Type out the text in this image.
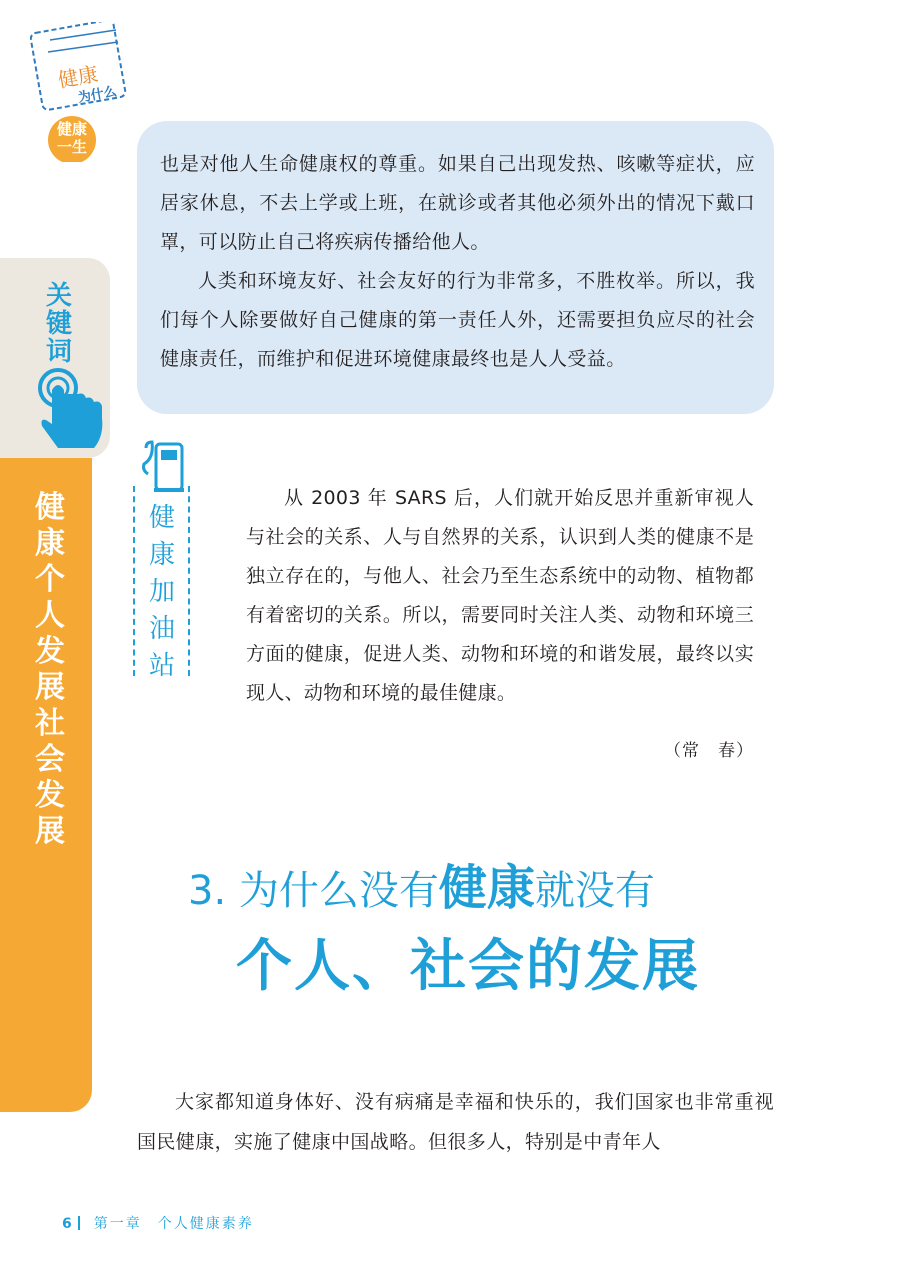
健康
为什么
健康
一生

也是对他人生命健康权的尊重。如果自己出现发热、咳嗽等症状，应居家休息，不去上学或上班，在就诊或者其他必须外出的情况下戴口罩，可以防止自己将疾病传播给他人。

人类和环境友好、社会友好的行为非常多，不胜枚举。所以，我们每个人除要做好自己健康的第一责任人外，还需要担负应尽的社会健康责任，而维护和促进环境健康最终也是人人受益。

关键词
健康 个人发展 社会发展
健康加油站

从 2003 年 SARS 后，人们就开始反思并重新审视人与社会的关系、人与自然界的关系，认识到人类的健康不是独立存在的，与他人、社会乃至生态系统中的动物、植物都有着密切的关系。所以，需要同时关注人类、动物和环境三方面的健康，促进人类、动物和环境的和谐发展，最终以实现人、动物和环境的最佳健康。

（常　春）
3. 为什么没有健康就没有
个人、社会的发展

大家都知道身体好、没有病痛是幸福和快乐的，我们国家也非常重视国民健康，实施了健康中国战略。但很多人，特别是中青年人

6 第一章　个人健康素养
